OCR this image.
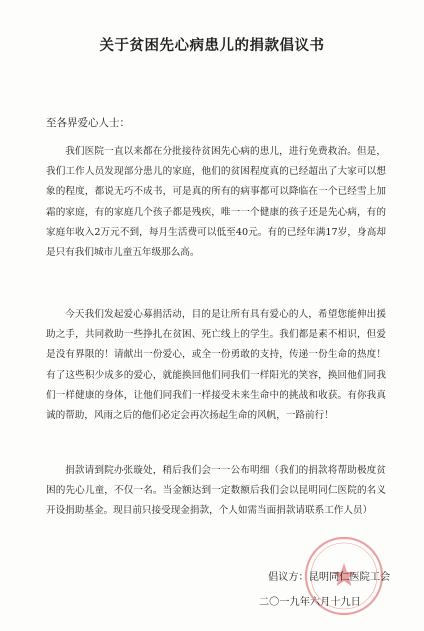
关于贫困先心病患儿的捐款倡议书
至各界爱心人士：

我们医院一直以来都在分批接待贫困先心病的患儿，进行免费救治。但是，我们工作人员发现部分患儿的家庭，他们的贫困程度真的已经超出了大家可以想象的程度，都说无巧不成书，可是真的所有的病事都可以降临在一个已经雪上加霜的家庭，有的家庭几个孩子都是残疾，唯一一个健康的孩子还是先心病，有的家庭年收入2万元不到，每月生活费可以低至40元。有的已经年满17岁，身高却是只有我们城市儿童五年级那么高。

今天我们发起爱心募捐活动，目的是让所有具有爱心的人，希望您能伸出援助之手，共同救助一些挣扎在贫困、死亡线上的学生。我们都是素不相识，但爱是没有界限的！请献出一份爱心，或全一份勇敢的支持，传递一份生命的热度！有了这些积少成多的爱心，就能换回他们同我们一样阳光的笑容，换回他们同我们一样健康的身体，让他们同我们一样接受未来生命中的挑战和收获。有你我真诚的帮助，风雨之后的他们必定会再次扬起生命的风帆，一路前行！

捐款请到院办张璇处，稍后我们会一一公布明细（我们的捐款将帮助极度贫困的先心儿童，不仅一名。当金额达到一定数额后我们会以昆明同仁医院的名义开设捐助基金。现目前只接受现金捐款，个人如需当面捐款请联系工作人员）

倡议方：昆明同仁医院工会
二〇一九年六月十九日
